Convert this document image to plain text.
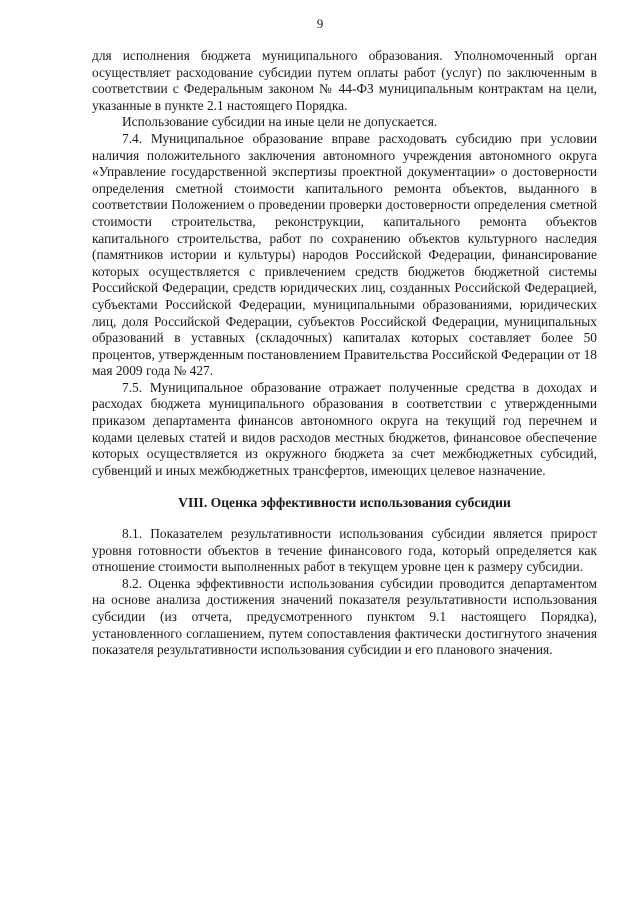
9

для исполнения бюджета муниципального образования. Уполномоченный орган осуществляет расходование субсидии путем оплаты работ (услуг) по заключенным в соответствии с Федеральным законом № 44-ФЗ муниципальным контрактам на цели, указанные в пункте 2.1 настоящего Порядка.

Использование субсидии на иные цели не допускается.

7.4. Муниципальное образование вправе расходовать субсидию при условии наличия положительного заключения автономного учреждения автономного округа «Управление государственной экспертизы проектной документации» о достоверности определения сметной стоимости капитального ремонта объектов, выданного в соответствии Положением о проведении проверки достоверности определения сметной стоимости строительства, реконструкции, капитального ремонта объектов капитального строительства, работ по сохранению объектов культурного наследия (памятников истории и культуры) народов Российской Федерации, финансирование которых осуществляется с привлечением средств бюджетов бюджетной системы Российской Федерации, средств юридических лиц, созданных Российской Федерацией, субъектами Российской Федерации, муниципальными образованиями, юридических лиц, доля Российской Федерации, субъектов Российской Федерации, муниципальных образований в уставных (складочных) капиталах которых составляет более 50 процентов, утвержденным постановлением Правительства Российской Федерации от 18 мая 2009 года № 427.

7.5. Муниципальное образование отражает полученные средства в доходах и расходах бюджета муниципального образования в соответствии с утвержденными приказом департамента финансов автономного округа на текущий год перечнем и кодами целевых статей и видов расходов местных бюджетов, финансовое обеспечение которых осуществляется из окружного бюджета за счет межбюджетных субсидий, субвенций и иных межбюджетных трансфертов, имеющих целевое назначение.

VIII. Оценка эффективности использования субсидии

8.1. Показателем результативности использования субсидии является прирост уровня готовности объектов в течение финансового года, который определяется как отношение стоимости выполненных работ в текущем уровне цен к размеру субсидии.

8.2. Оценка эффективности использования субсидии проводится департаментом на основе анализа достижения значений показателя результативности использования субсидии (из отчета, предусмотренного пунктом 9.1 настоящего Порядка), установленного соглашением, путем сопоставления фактически достигнутого значения показателя результативности использования субсидии и его планового значения.
